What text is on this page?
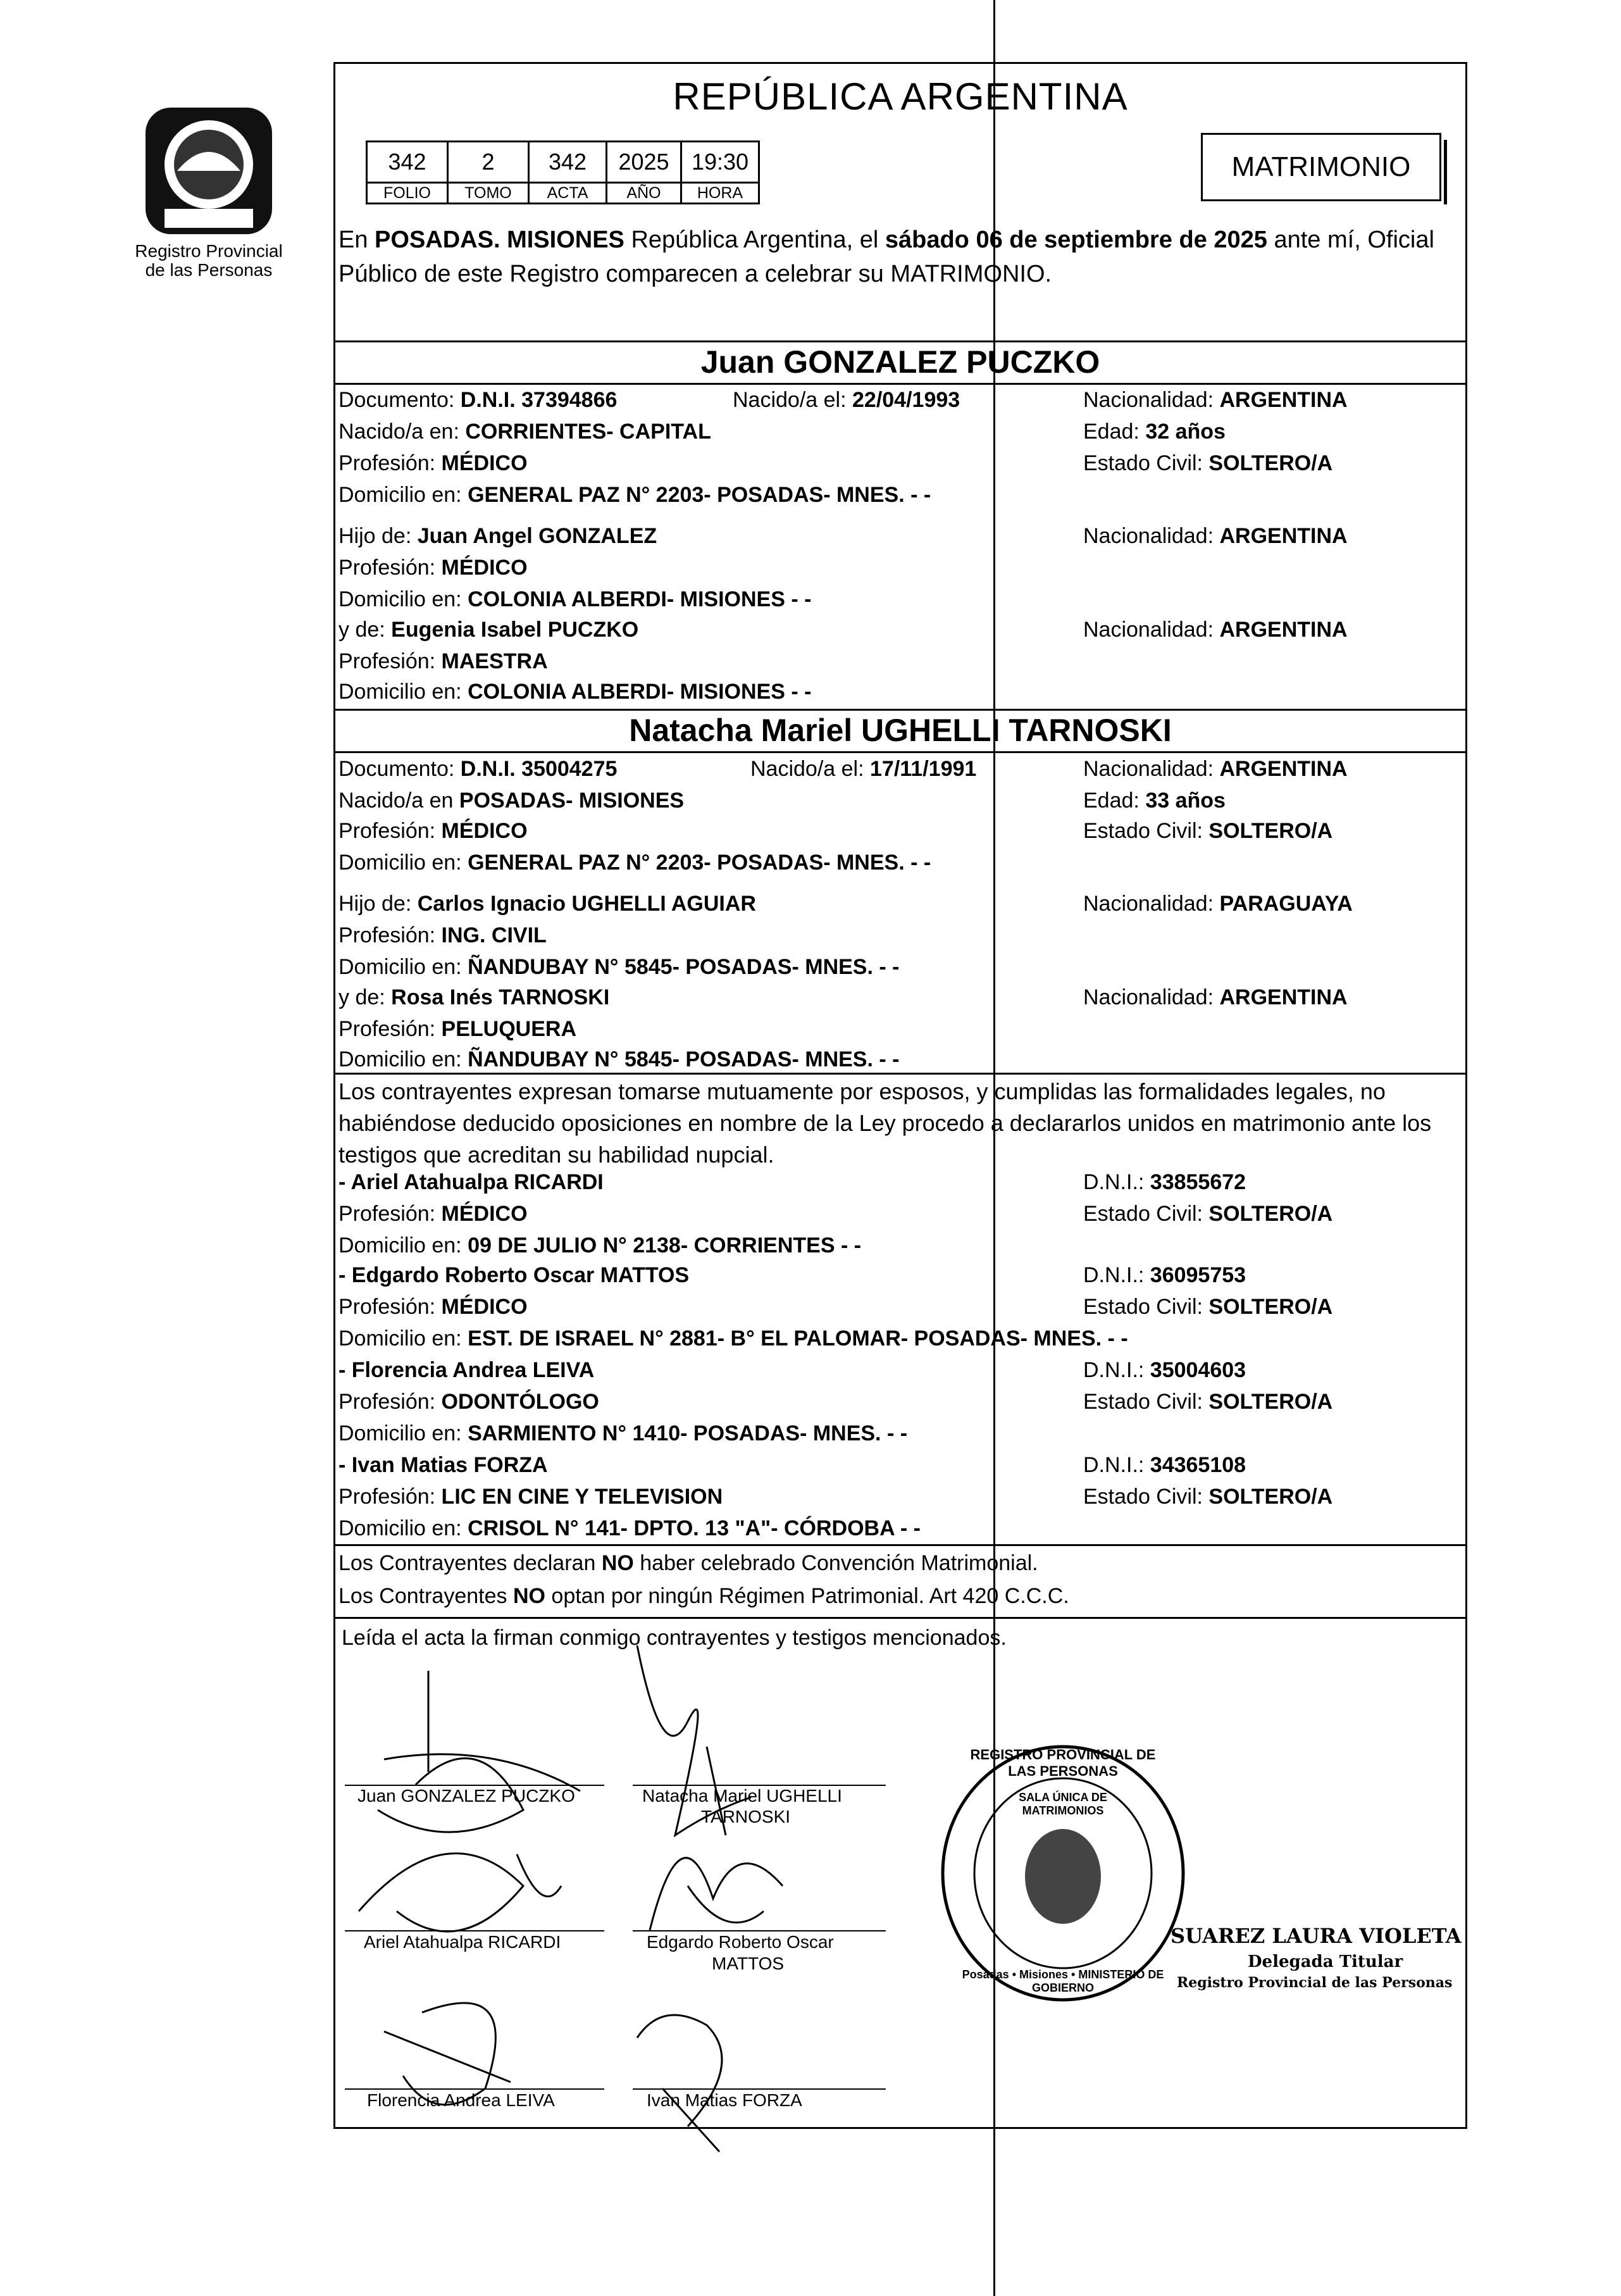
Registro Provincial
de las Personas
REPÚBLICA ARGENTINA
342	2	342	2025	19:30
FOLIO	TOMO	ACTA	AÑO	HORA
MATRIMONIO
En POSADAS. MISIONES República Argentina, el sábado 06 de septiembre de 2025 ante mí, Oficial Público de este Registro comparecen a celebrar su MATRIMONIO.
Juan GONZALEZ PUCZKO
Documento: D.N.I. 37394866	Nacido/a el: 22/04/1993	Nacionalidad: ARGENTINA
Nacido/a en: CORRIENTES- CAPITAL	Edad: 32 años
Profesión: MÉDICO	Estado Civil: SOLTERO/A
Domicilio en: GENERAL PAZ N° 2203- POSADAS- MNES. - -
Hijo de: Juan Angel GONZALEZ	Nacionalidad: ARGENTINA
Profesión: MÉDICO
Domicilio en: COLONIA ALBERDI- MISIONES - -
y de: Eugenia Isabel PUCZKO	Nacionalidad: ARGENTINA
Profesión: MAESTRA
Domicilio en: COLONIA ALBERDI- MISIONES - -
Natacha Mariel UGHELLI TARNOSKI
Documento: D.N.I. 35004275	Nacido/a el: 17/11/1991	Nacionalidad: ARGENTINA
Nacido/a en POSADAS- MISIONES	Edad: 33 años
Profesión: MÉDICO	Estado Civil: SOLTERO/A
Domicilio en: GENERAL PAZ N° 2203- POSADAS- MNES. - -
Hijo de: Carlos Ignacio UGHELLI AGUIAR	Nacionalidad: PARAGUAYA
Profesión: ING. CIVIL
Domicilio en: ÑANDUBAY N° 5845- POSADAS- MNES. - -
y de: Rosa Inés TARNOSKI	Nacionalidad: ARGENTINA
Profesión: PELUQUERA
Domicilio en: ÑANDUBAY N° 5845- POSADAS- MNES. - -
Los contrayentes expresan tomarse mutuamente por esposos, y cumplidas las formalidades legales, no habiéndose deducido oposiciones en nombre de la Ley procedo a declararlos unidos en matrimonio ante los testigos que acreditan su habilidad nupcial.
- Ariel Atahualpa RICARDI	D.N.I.: 33855672
Profesión: MÉDICO	Estado Civil: SOLTERO/A
Domicilio en: 09 DE JULIO N° 2138- CORRIENTES - -
- Edgardo Roberto Oscar MATTOS	D.N.I.: 36095753
Profesión: MÉDICO	Estado Civil: SOLTERO/A
Domicilio en: EST. DE ISRAEL N° 2881- B° EL PALOMAR- POSADAS- MNES. - -
- Florencia Andrea LEIVA	D.N.I.: 35004603
Profesión: ODONTÓLOGO	Estado Civil: SOLTERO/A
Domicilio en: SARMIENTO N° 1410- POSADAS- MNES. - -
- Ivan Matias FORZA	D.N.I.: 34365108
Profesión: LIC EN CINE Y TELEVISION	Estado Civil: SOLTERO/A
Domicilio en: CRISOL N° 141- DPTO. 13 "A"- CÓRDOBA - -
Los Contrayentes declaran NO haber celebrado Convención Matrimonial.
Los Contrayentes NO optan por ningún Régimen Patrimonial. Art 420 C.C.C.
Leída el acta la firman conmigo contrayentes y testigos mencionados.
Juan GONZALEZ PUCZKO	Natacha Mariel UGHELLI
TARNOSKI
Ariel Atahualpa RICARDI	Edgardo Roberto Oscar
MATTOS
Florencia Andrea LEIVA	Ivan Matias FORZA
REGISTRO PROVINCIAL DE LAS PERSONAS
SALA ÚNICA DE MATRIMONIOS
Posadas • Misiones • MINISTERIO DE GOBIERNO
SUAREZ LAURA VIOLETA
Delegada Titular
Registro Provincial de las Personas
